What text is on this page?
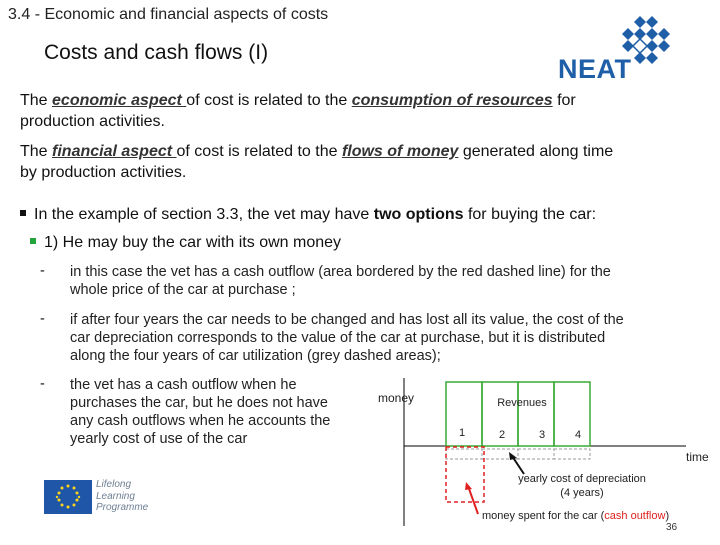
3.4 - Economic and financial aspects of costs
Costs and cash flows (I)
NEAT
The economic aspect of cost is related to the consumption of resources for
production activities.
The financial aspect of cost is related to the flows of money generated along time
by production activities.
In the example of section 3.3, the vet may have two options for buying the car:
1) He may buy the car with its own money
- in this case the vet has a cash outflow (area bordered by the red dashed line) for the
whole price of the car at purchase ;
- if after four years the car needs to be changed and has lost all its value, the cost of the
car depreciation corresponds to the value of the car at purchase, but it is distributed
along the four years of car utilization (grey dashed areas);
- the vet has a cash outflow when he
purchases the car, but he does not have
any cash outflows when he accounts the
yearly cost of use of the car
money
time
Revenues
1	2	3	4
yearly cost of depreciation
(4 years)
money spent for the car (cash outflow)
Lifelong
Learning
Programme
36
